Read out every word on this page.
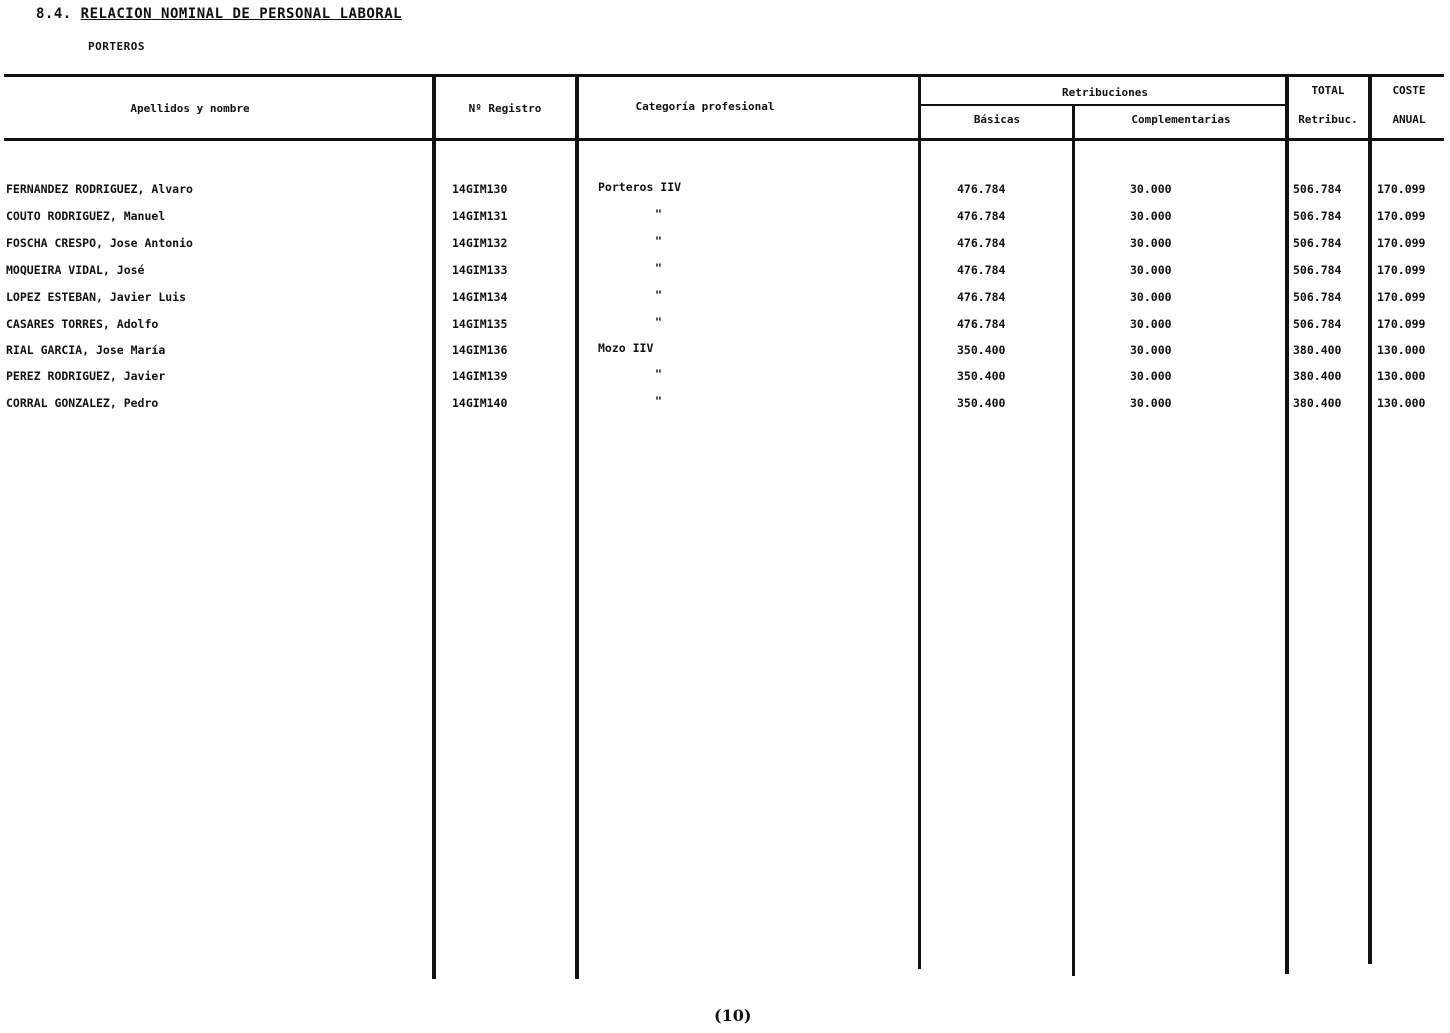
8.4. RELACION NOMINAL DE PERSONAL LABORAL
PORTEROS
Apellidos y nombre	Nº Registro	Categoría profesional
Retribuciones
Básicas	Complementarias
TOTAL
Retribuc.
COSTE
ANUAL
FERNANDEZ RODRIGUEZ, Alvaro	14GIM130	Porteros IIV	476.784	30.000	506.784	170.099
COUTO RODRIGUEZ, Manuel	14GIM131	"	476.784	30.000	506.784	170.099
FOSCHA CRESPO, Jose Antonio	14GIM132	"	476.784	30.000	506.784	170.099
MOQUEIRA VIDAL, José	14GIM133	"	476.784	30.000	506.784	170.099
LOPEZ ESTEBAN, Javier Luis	14GIM134	"	476.784	30.000	506.784	170.099
CASARES TORRES, Adolfo	14GIM135	"	476.784	30.000	506.784	170.099
RIAL GARCIA, Jose María	14GIM136	Mozo IIV	350.400	30.000	380.400	130.000
PEREZ RODRIGUEZ, Javier	14GIM139	"	350.400	30.000	380.400	130.000
CORRAL GONZALEZ, Pedro	14GIM140	"	350.400	30.000	380.400	130.000
(10)
